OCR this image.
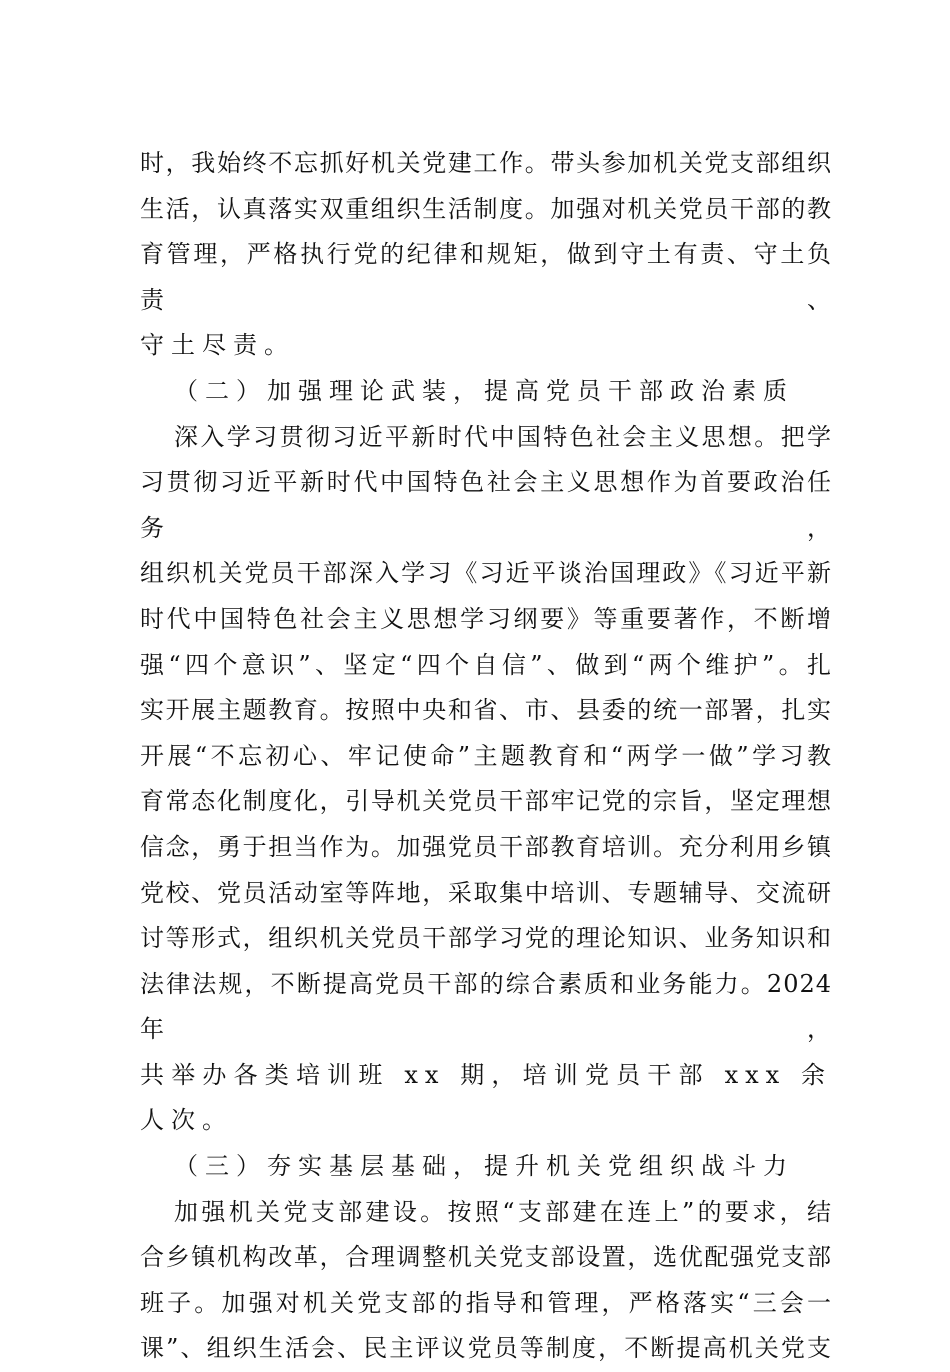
时，我始终不忘抓好机关党建工作。带头参加机关党支部组织
生活，认真落实双重组织生活制度。加强对机关党员干部的教
育管理，严格执行党的纪律和规矩，做到守土有责、守土负责、
守土尽责。
（二）加强理论武装，提高党员干部政治素质
深入学习贯彻习近平新时代中国特色社会主义思想。把学
习贯彻习近平新时代中国特色社会主义思想作为首要政治任务，
组织机关党员干部深入学习《习近平谈治国理政》《习近平新
时代中国特色社会主义思想学习纲要》等重要著作，不断增
强“四个意识”、坚定“四个自信”、做到“两个维护”。扎
实开展主题教育。按照中央和省、市、县委的统一部署，扎实
开展“不忘初心、牢记使命”主题教育和“两学一做”学习教
育常态化制度化，引导机关党员干部牢记党的宗旨，坚定理想
信念，勇于担当作为。加强党员干部教育培训。充分利用乡镇
党校、党员活动室等阵地，采取集中培训、专题辅导、交流研
讨等形式，组织机关党员干部学习党的理论知识、业务知识和
法律法规，不断提高党员干部的综合素质和业务能力。2024 年，
共举办各类培训班 xx 期，培训党员干部 xxx 余人次。
（三）夯实基层基础，提升机关党组织战斗力
加强机关党支部建设。按照“支部建在连上”的要求，结
合乡镇机构改革，合理调整机关党支部设置，选优配强党支部
班子。加强对机关党支部的指导和管理，严格落实“三会一
课”、组织生活会、民主评议党员等制度，不断提高机关党支
